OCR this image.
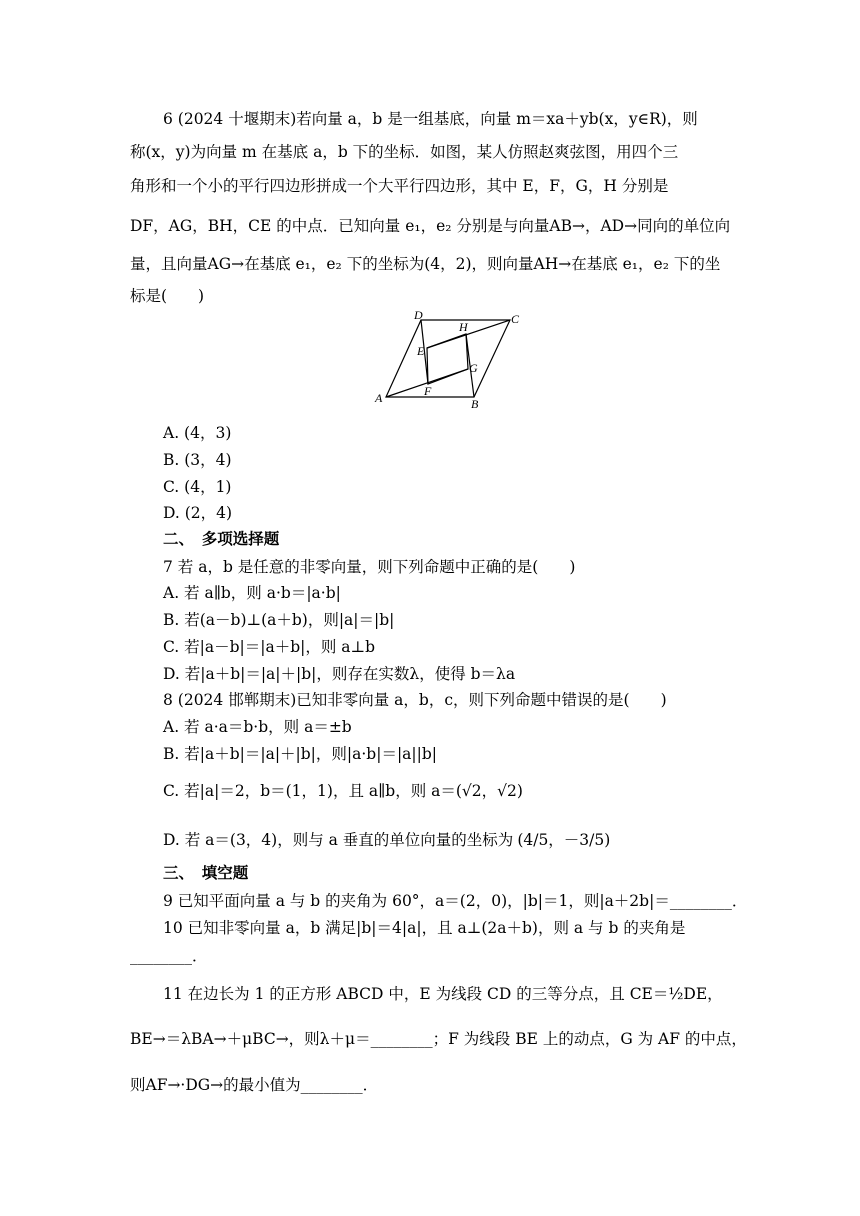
6 (2024 十堰期末)若向量 a，b 是一组基底，向量 m＝xa＋yb(x，y∈R)，则
称(x，y)为向量 m 在基底 a，b 下的坐标．如图，某人仿照赵爽弦图，用四个三
角形和一个小的平行四边形拼成一个大平行四边形，其中 E，F，G，H 分别是
DF，AG，BH，CE 的中点．已知向量 e₁，e₂ 分别是与向量AB→，AD→同向的单位向
量，且向量AG→在基底 e₁，e₂ 下的坐标为(4，2)，则向量AH→在基底 e₁，e₂ 下的坐
标是(　　)
D	C
H
E
G
F
A	B
A. (4，3)
B. (3，4)
C. (4，1)
D. (2，4)
二、　多项选择题
7 若 a，b 是任意的非零向量，则下列命题中正确的是(　　)
A. 若 a∥b，则 a·b＝|a·b|
B. 若(a－b)⊥(a＋b)，则|a|＝|b|
C. 若|a－b|＝|a＋b|，则 a⊥b
D. 若|a＋b|＝|a|＋|b|，则存在实数λ，使得 b＝λa
8 (2024 邯郸期末)已知非零向量 a，b，c，则下列命题中错误的是(　　)
A. 若 a·a＝b·b，则 a＝±b
B. 若|a＋b|＝|a|＋|b|，则|a·b|＝|a||b|
C. 若|a|＝2，b＝(1，1)，且 a∥b，则 a＝(√2，√2)
D. 若 a＝(3，4)，则与 a 垂直的单位向量的坐标为 (4/5，－3/5)
三、　填空题
9 已知平面向量 a 与 b 的夹角为 60°，a＝(2，0)，|b|＝1，则|a＋2b|＝________．
10 已知非零向量 a，b 满足|b|＝4|a|，且 a⊥(2a＋b)，则 a 与 b 的夹角是
________．
11 在边长为 1 的正方形 ABCD 中，E 为线段 CD 的三等分点，且 CE＝½DE，
BE→＝λBA→＋μBC→，则λ＋μ＝________；F 为线段 BE 上的动点，G 为 AF 的中点，
则AF→·DG→的最小值为________．
